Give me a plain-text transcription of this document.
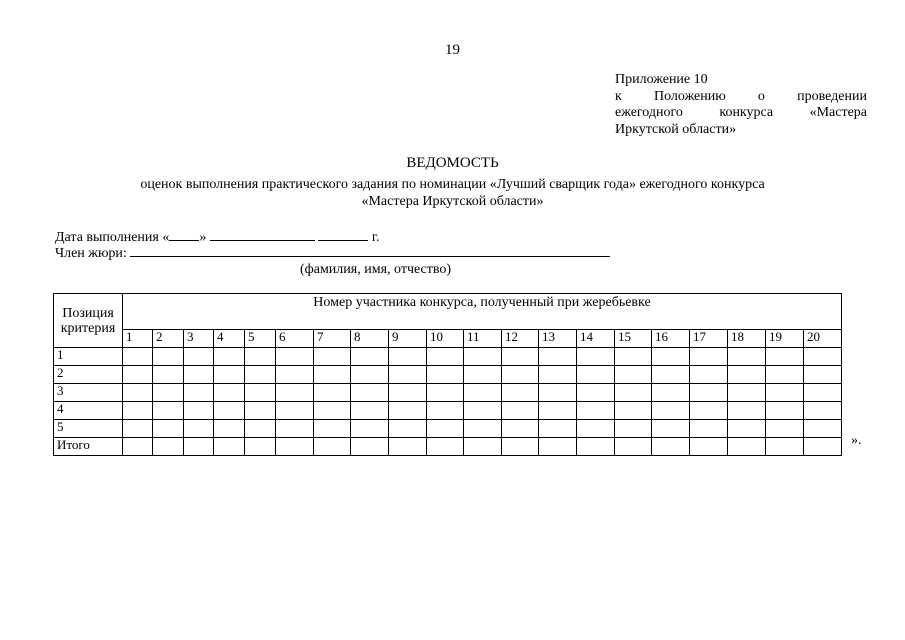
19
Приложение 10
к Положению о проведении
ежегодного конкурса «Мастера
Иркутской области»
ВЕДОМОСТЬ
оценок выполнения практического задания по номинации «Лучший сварщик года» ежегодного конкурса
«Мастера Иркутской области»
Дата выполнения « »	г.
Член жюри:
(фамилия, имя, отчество)
Позиция
критерия	Номер участника конкурса, полученный при жеребьевке																			
	1	2	3	4	5	6	7	8	9	10	11	12	13	14	15	16	17	18	19	20
1																				
2																				
3																				
4																				
5																				
Итого																					».
